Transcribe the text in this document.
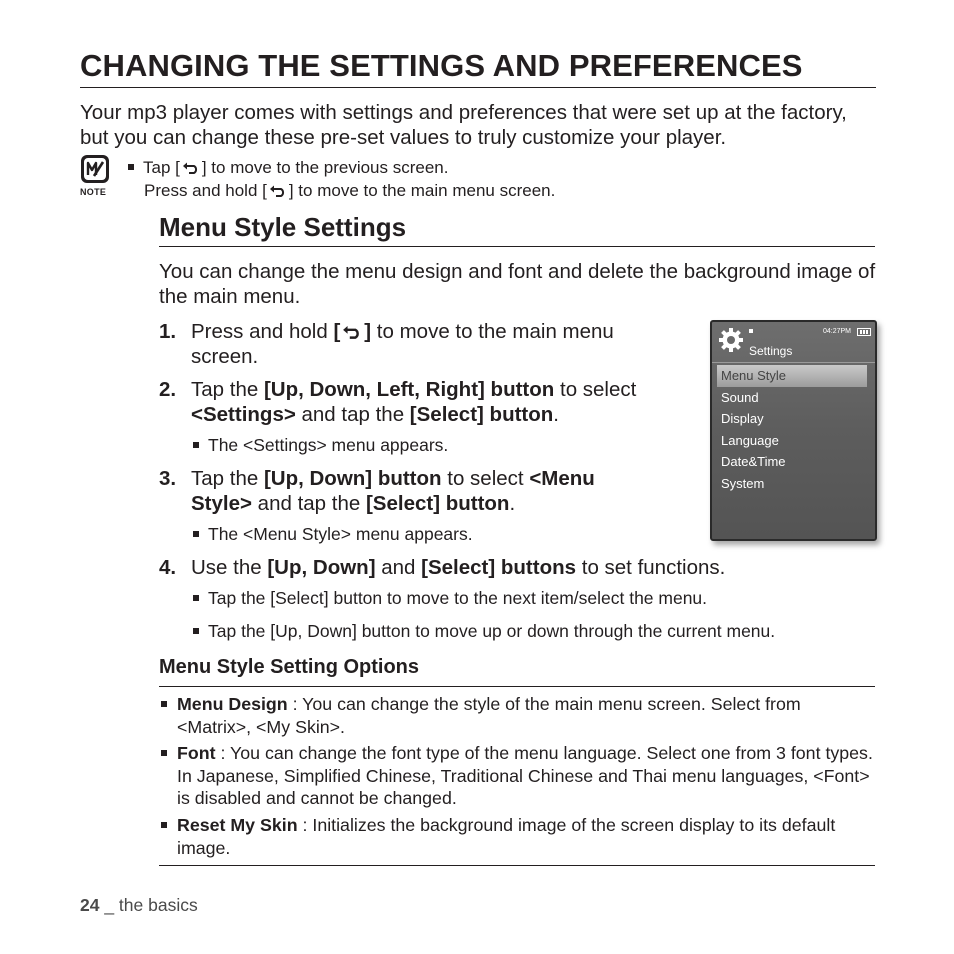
CHANGING THE SETTINGS AND PREFERENCES
Your mp3 player comes with settings and preferences that were set up at the factory, but you can change these pre-set values to truly customize your player.
NOTE
Tap [ ] to move to the previous screen.
Press and hold [ ] to move to the main menu screen.
Menu Style Settings
You can change the menu design and font and delete the background image of the main menu.
1. Press and hold [ ] to move to the main menu screen.
2. Tap the [Up, Down, Left, Right] button to select <Settings> and tap the [Select] button.
The <Settings> menu appears.
3. Tap the [Up, Down] button to select <Menu Style> and tap the [Select] button.
The <Menu Style> menu appears.
4. Use the [Up, Down] and [Select] buttons to set functions.
Tap the [Select] button to move to the next item/select the menu.
Tap the [Up, Down] button to move up or down through the current menu.
04:27PM
Settings
Menu Style
Sound
Display
Language
Date&Time
System
Menu Style Setting Options
Menu Design : You can change the style of the main menu screen. Select from <Matrix>, <My Skin>.
Font : You can change the font type of the menu language. Select one from 3 font types. In Japanese, Simplified Chinese, Traditional Chinese and Thai menu languages, <Font> is disabled and cannot be changed.
Reset My Skin : Initializes the background image of the screen display to its default image.
24 _ the basics
